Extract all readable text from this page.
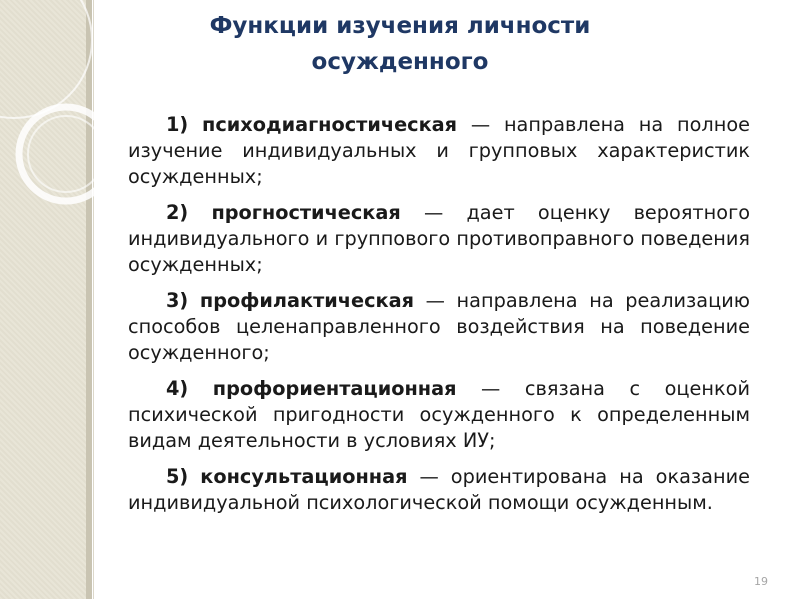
Функции изучения личности осужденного

1) психодиагностическая — направлена на полное изучение индивидуальных и групповых характеристик осужденных;

2) прогностическая — дает оценку вероятного индивидуального и группового противоправного поведения осужденных;

3) профилактическая — направлена на реализацию способов целенаправленного воздействия на поведение осужденного;

4) профориентационная — связана с оценкой психической пригодности осужденного к определенным видам деятельности в условиях ИУ;

5) консультационная — ориентирована на оказание индивидуальной психологической помощи осужденным.

19
